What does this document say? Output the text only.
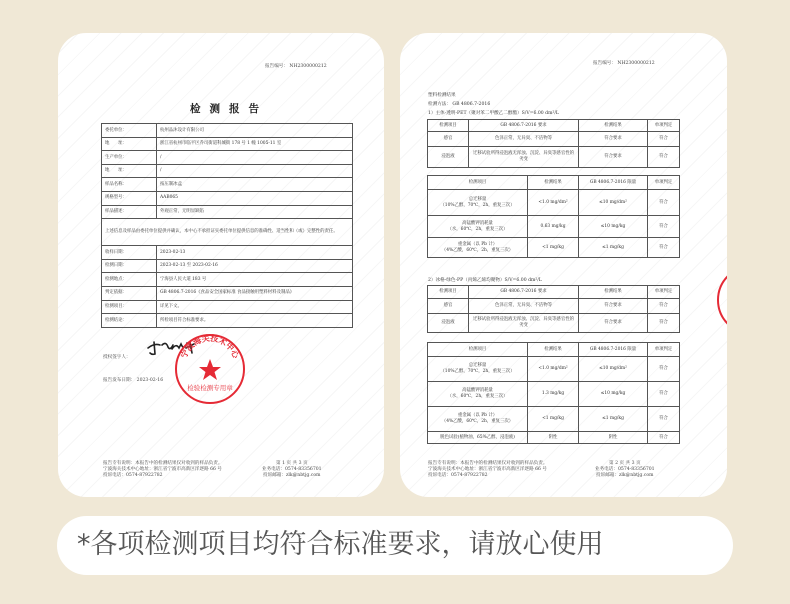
报告编号： NH2300000212
检测报告
委托单位：	杭州品沐设计有限公司
地　　址：	浙江省杭州市临平区乔司街道科城街 178 号 1 幢 1005-11 室
生产单位：	/
地　　址：	/
样品名称：	按压制冰盒
规格型号：	AAB065
样品描述：	外观正常，无明显缺陷
上述信息及样品由委托单位提供并确认，本中心不承担证实委托单位提供信息的准确性、适当性和（或）完整性的责任。	
收样日期：	2023-02-13
检测日期：	2023-02-13 至 2023-02-16
检测地点：	宁海县人民大道 183 号
判定依据：	GB 4806.7-2016《食品安全国家标准 食品接触用塑料材料及制品》
检测项目：	详见下文。
检测结论：	所检项目符合标准要求。
授权签字人：
报告发布日期： 2023-02-16
宁波海关技术中心
检验检测专用章
报告专有说明：本报告中的检测结果仅对收到的样品负责。
宁波海关技术中心地址：浙江省宁波市高新区洋逐路 66 号
投诉电话：0574-87922782
第 1 页 共 3 页
业务电话：0574-83356701
投诉邮箱：zlk@nbtjg.com
报告编号： NH2300000212
塑料检测结果
检测方法： GB 4806.7-2016
1）主体-透明-PET（聚对苯二甲酸乙二醇酯）S/V=6.00 dm²/L
检测项目	GB 4806.7-2016 要求	检测结果	单项判定
感官	色泽正常，无异臭、不洁物等	符合要求	符合
浸泡液	迁移试验所得浸泡液无浑浊、沉淀、异臭等感官性的劣变	符合要求	符合
检测项目	检测结果	GB 4806.7-2016 限量	单项判定

总迁移量
（10%乙醇，70℃，2h，重复三次）	<1.0 mg/dm²	≤10 mg/dm²	符合

高锰酸钾消耗量
（水，60℃，2h，重复三次）	0.63 mg/kg	≤10 mg/kg	符合

重金属（以 Pb 计）
（4%乙酸，60℃，2h，重复三次）	<1 mg/kg	≤1 mg/kg	符合
2）冰格-绿色-PP（丙烯乙烯均聚物）S/V=6.00 dm²/L
检测项目	GB 4806.7-2016 要求	检测结果	单项判定
感官	色泽正常，无异臭、不洁物等	符合要求	符合
浸泡液	迁移试验所得浸泡液无浑浊、沉淀、异臭等感官性的劣变	符合要求	符合
检测项目	检测结果	GB 4806.7-2016 限量	单项判定

总迁移量
（10%乙醇，70℃，2h，重复三次）	<1.0 mg/dm²	≤10 mg/dm²	符合

高锰酸钾消耗量
（水，60℃，2h，重复三次）	1.3 mg/kg	≤10 mg/kg	符合

重金属（以 Pb 计）
（4%乙酸，60℃，2h，重复三次）	<1 mg/kg	≤1 mg/kg	符合
脱色试验(植物油，65%乙醇，浸泡液)	阴性	阴性	符合
报告专有说明：本报告中的检测结果仅对收到的样品负责。
宁波海关技术中心地址：浙江省宁波市高新区洋逐路 66 号
投诉电话：0574-87922782
第 2 页 共 3 页
业务电话：0574-83356701
投诉邮箱：zlk@nbtjg.com
*各项检测项目均符合标准要求，请放心使用
